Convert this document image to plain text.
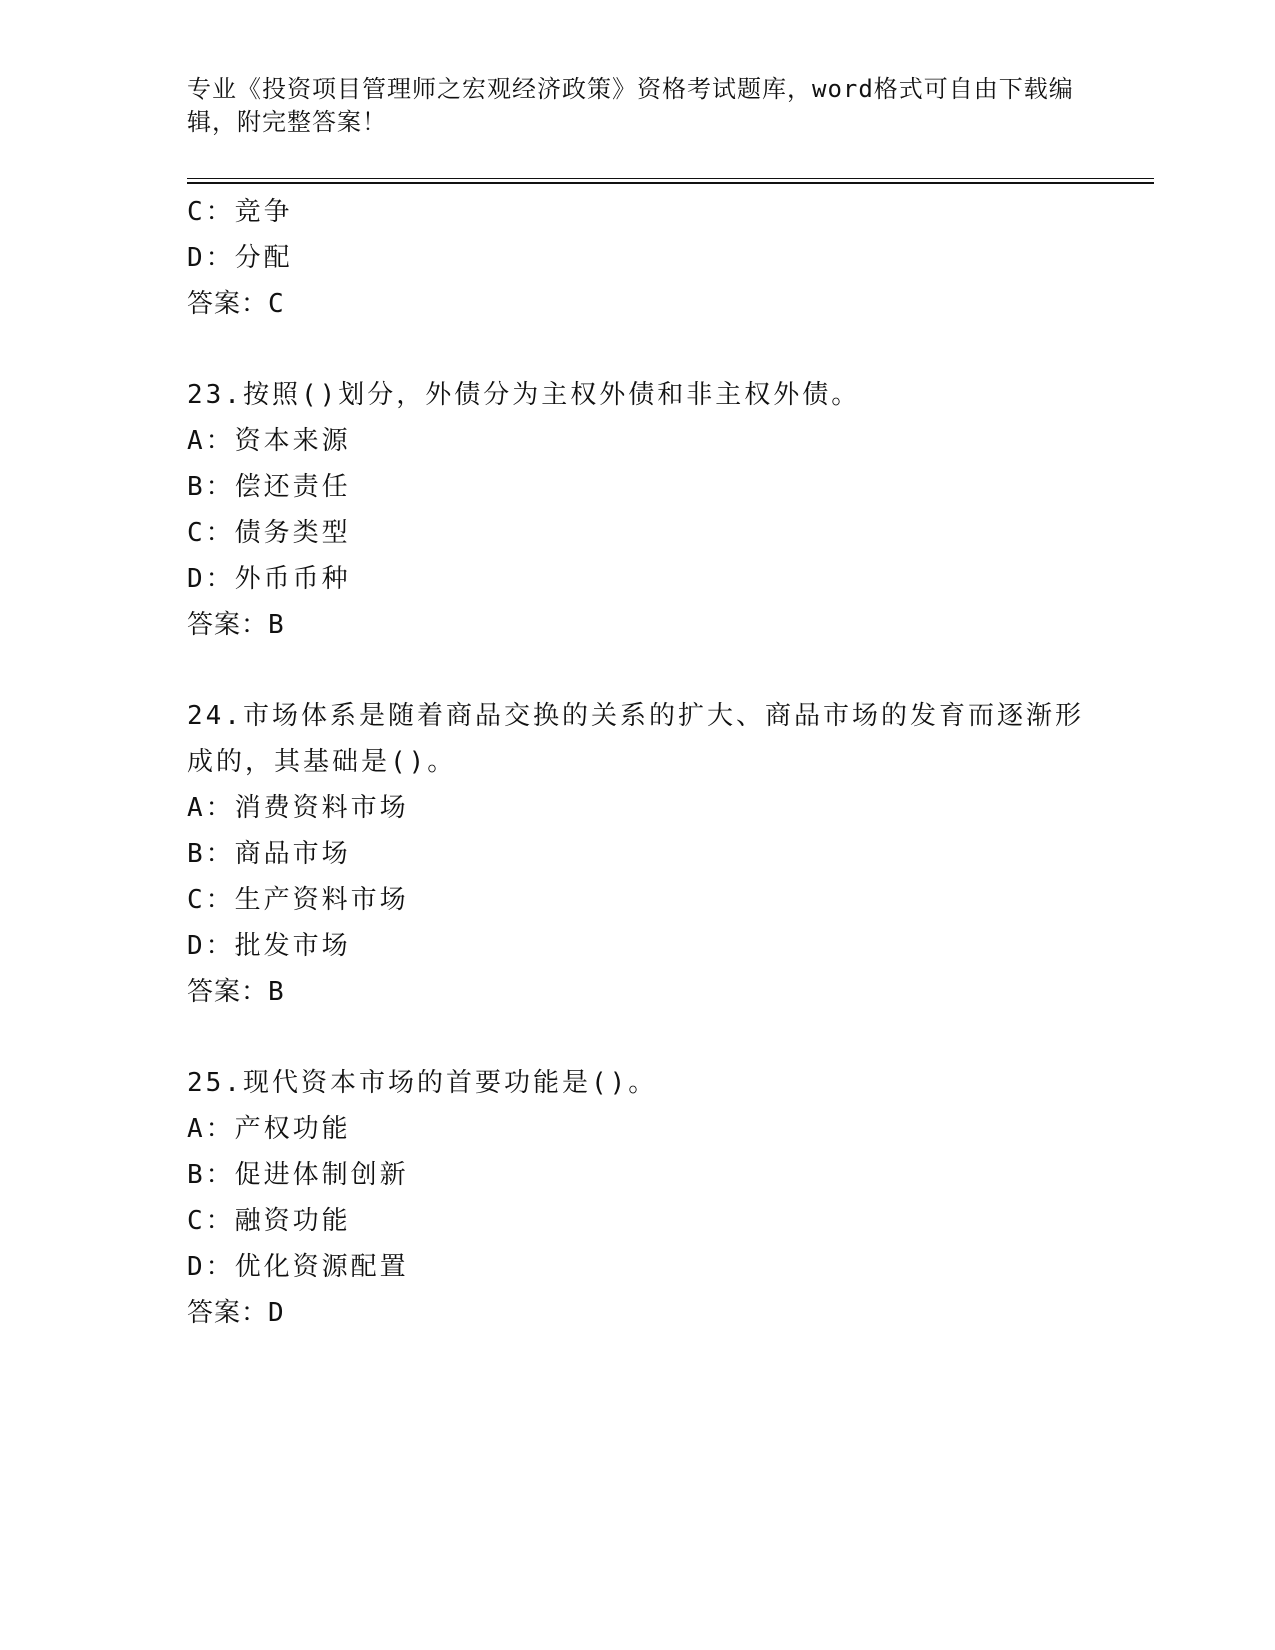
专业《投资项目管理师之宏观经济政策》资格考试题库，word格式可自由下载编
辑，附完整答案！
C：竞争
D：分配
答案：C
23.按照()划分，外债分为主权外债和非主权外债。
A：资本来源
B：偿还责任
C：债务类型
D：外币币种
答案：B
24.市场体系是随着商品交换的关系的扩大、商品市场的发育而逐渐形
成的，其基础是()。
A：消费资料市场
B：商品市场
C：生产资料市场
D：批发市场
答案：B
25.现代资本市场的首要功能是()。
A：产权功能
B：促进体制创新
C：融资功能
D：优化资源配置
答案：D
